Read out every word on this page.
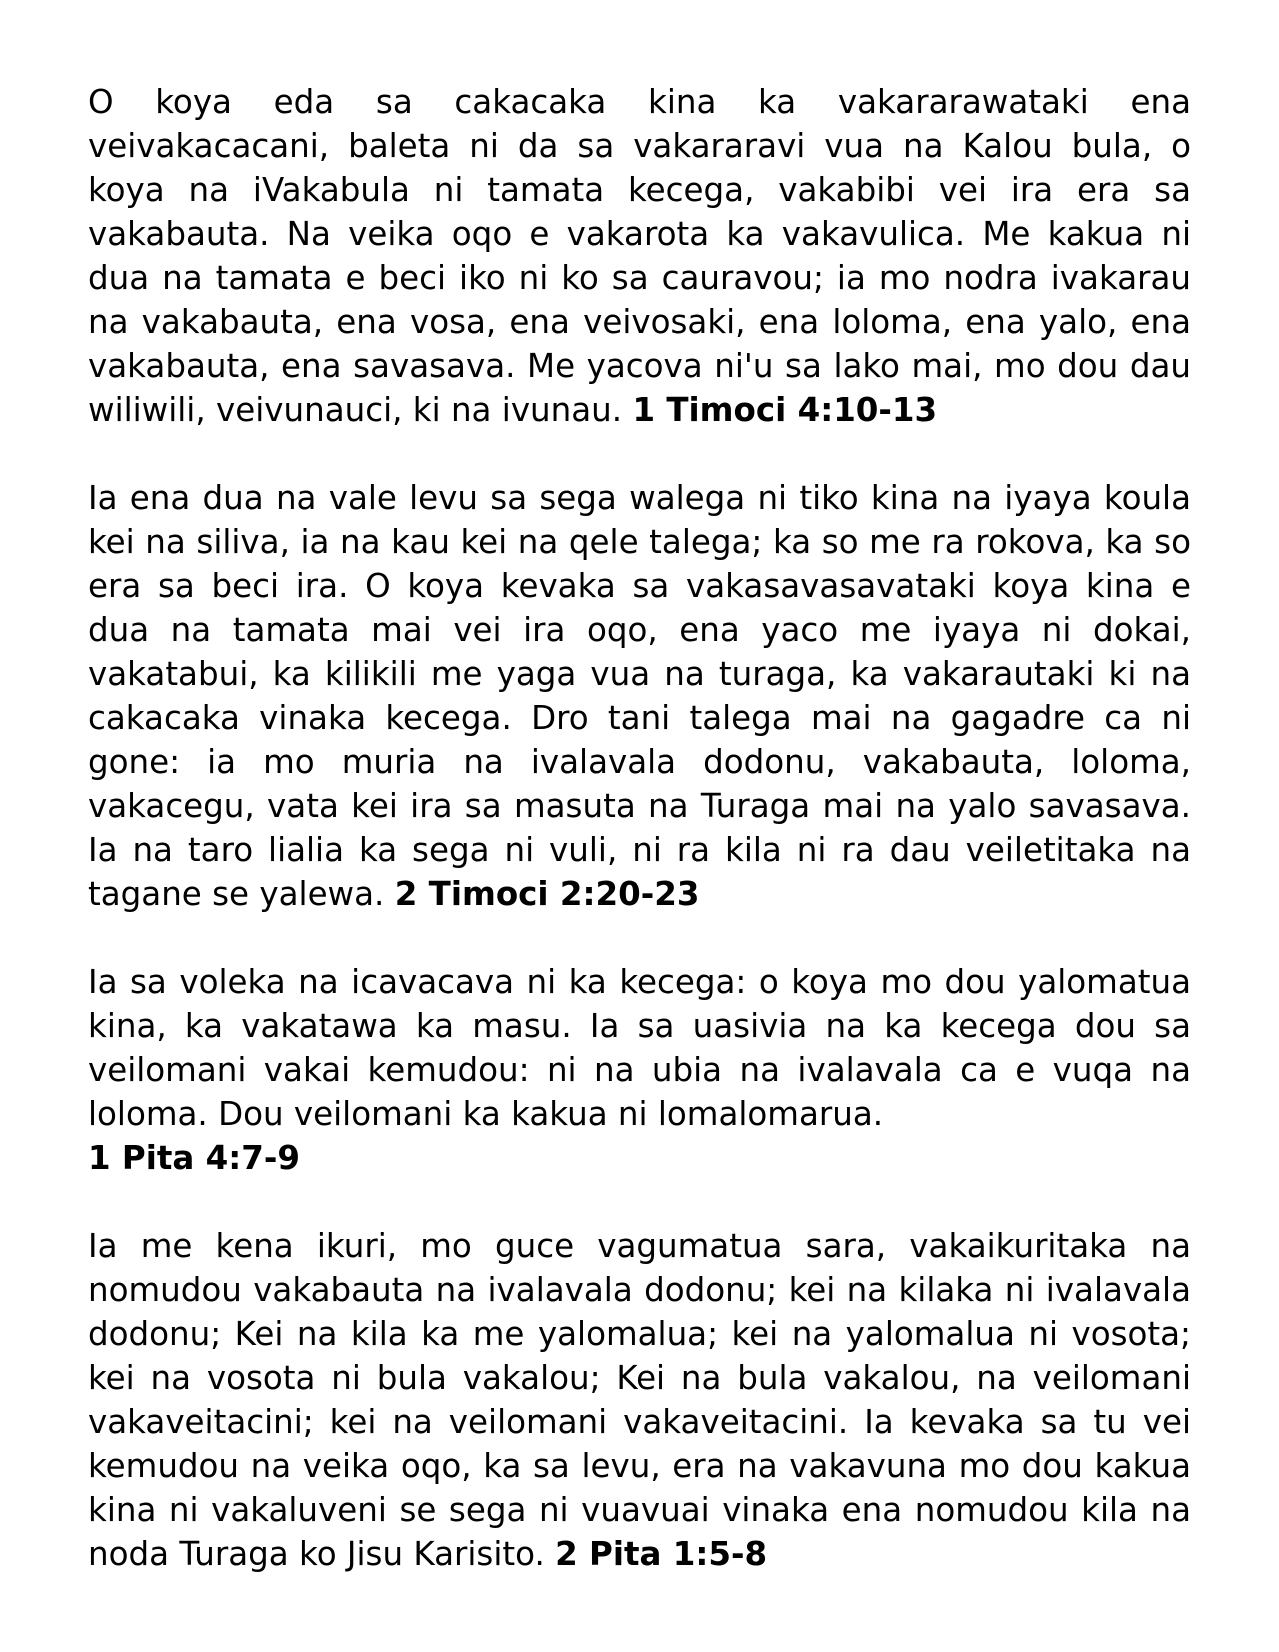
O koya eda sa cakacaka kina ka vakararawataki ena veivakacacani, baleta ni da sa vakararavi vua na Kalou bula, o koya na iVakabula ni tamata kecega, vakabibi vei ira era sa vakabauta. Na veika oqo e vakarota ka vakavulica. Me kakua ni dua na tamata e beci iko ni ko sa cauravou; ia mo nodra ivakarau na vakabauta, ena vosa, ena veivosaki, ena loloma, ena yalo, ena vakabauta, ena savasava. Me yacova ni'u sa lako mai, mo dou dau wiliwili, veivunauci, ki na ivunau. 1 Timoci 4:10-13

Ia ena dua na vale levu sa sega walega ni tiko kina na iyaya koula kei na siliva, ia na kau kei na qele talega; ka so me ra rokova, ka so era sa beci ira. O koya kevaka sa vakasavasavataki koya kina e dua na tamata mai vei ira oqo, ena yaco me iyaya ni dokai, vakatabui, ka kilikili me yaga vua na turaga, ka vakarautaki ki na cakacaka vinaka kecega. Dro tani talega mai na gagadre ca ni gone: ia mo muria na ivalavala dodonu, vakabauta, loloma, vakacegu, vata kei ira sa masuta na Turaga mai na yalo savasava. Ia na taro lialia ka sega ni vuli, ni ra kila ni ra dau veiletitaka na tagane se yalewa. 2 Timoci 2:20-23

Ia sa voleka na icavacava ni ka kecega: o koya mo dou yalomatua kina, ka vakatawa ka masu. Ia sa uasivia na ka kecega dou sa veilomani vakai kemudou: ni na ubia na ivalavala ca e vuqa na loloma. Dou veilomani ka kakua ni lomalomarua.
1 Pita 4:7-9

Ia me kena ikuri, mo guce vagumatua sara, vakaikuritaka na nomudou vakabauta na ivalavala dodonu; kei na kilaka ni ivalavala dodonu; Kei na kila ka me yalomalua; kei na yalomalua ni vosota; kei na vosota ni bula vakalou; Kei na bula vakalou, na veilomani vakaveitacini; kei na veilomani vakaveitacini. Ia kevaka sa tu vei kemudou na veika oqo, ka sa levu, era na vakavuna mo dou kakua kina ni vakaluveni se sega ni vuavuai vinaka ena nomudou kila na noda Turaga ko Jisu Karisito. 2 Pita 1:5-8
